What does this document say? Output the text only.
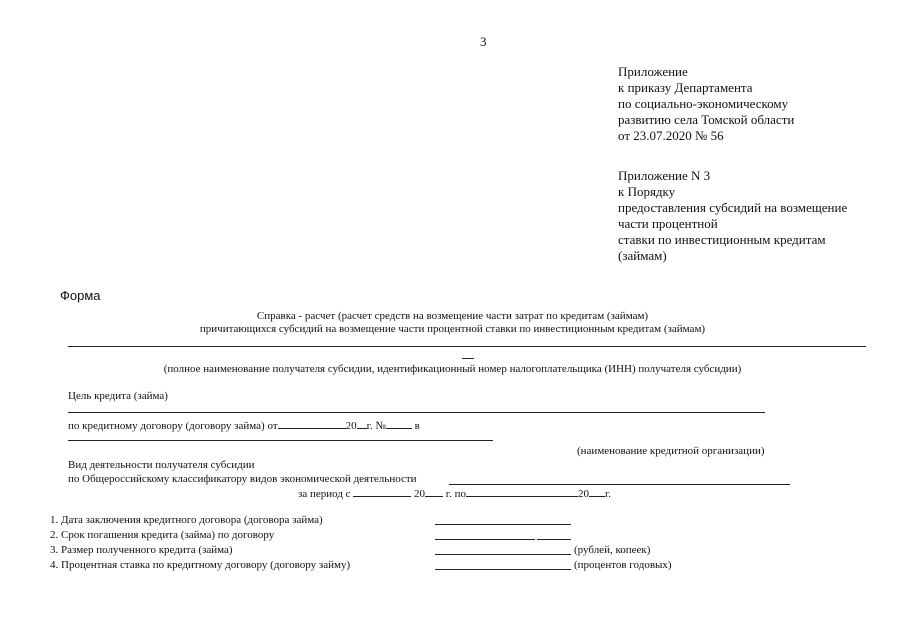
3
Приложение
к приказу Департамента
по социально-экономическому
развитию села Томской области
от 23.07.2020 № 56
Приложение N 3
к Порядку
предоставления субсидий на возмещение
части процентной
ставки по инвестиционным кредитам
(займам)
Форма
Справка - расчет (расчет средств на возмещение части затрат по кредитам (займам)
причитающихся субсидий на возмещение части процентной ставки по инвестиционным кредитам (займам)
(полное наименование получателя субсидии, идентификационный номер налогоплательщика (ИНН) получателя субсидии)
Цель кредита (займа)
по кредитному договору (договору займа) от	20 г. №	в
(наименование кредитной организации)
Вид деятельности получателя субсидии
по Общероссийскому классификатору видов экономической деятельности
за период с	20 г. по	20 г.
1. Дата заключения кредитного договора (договора займа)
2. Срок погашения кредита (займа) по договору
3. Размер полученного кредита (займа)	(рублей, копеек)
4. Процентная ставка по кредитному договору (договору займу)	(процентов годовых)
